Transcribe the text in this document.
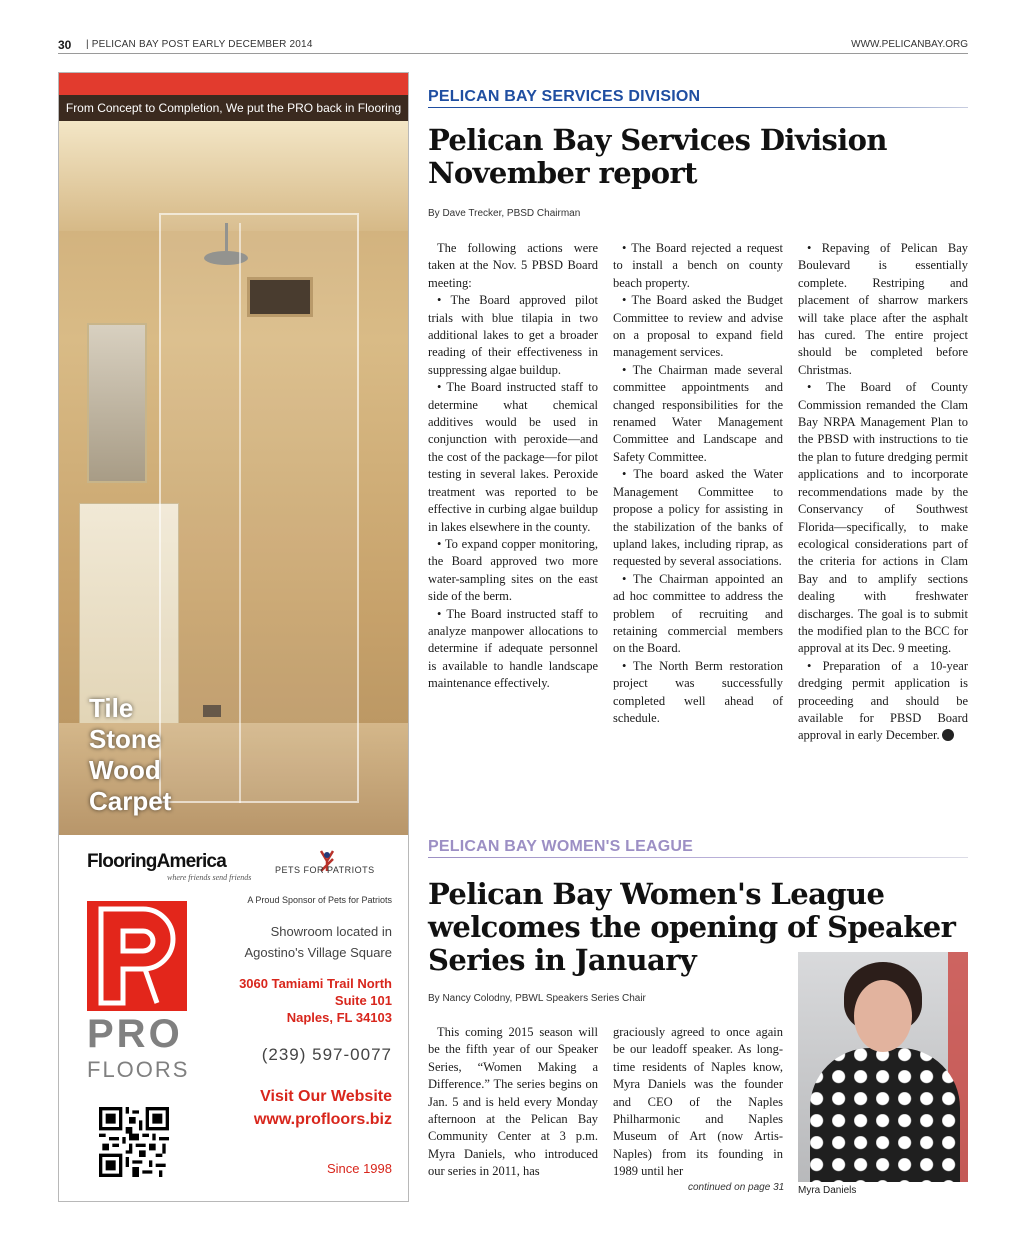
30 | PELICAN BAY POST EARLY DECEMBER 2014	WWW.PELICANBAY.ORG
From Concept to Completion, We put the PRO back in Flooring
Tile
Stone
Wood
Carpet
FlooringAmerica
where friends send friends
PETS FOR PATRIOTS
A Proud Sponsor of Pets for Patriots
PRO
FLOORS
Showroom located in
Agostino's Village Square
3060 Tamiami Trail North
Suite 101
Naples, FL 34103
(239) 597-0077
Visit Our Website
www.profloors.biz
Since 1998
PELICAN BAY SERVICES DIVISION
Pelican Bay Services Division
November report
By Dave Trecker, PBSD Chairman

The following actions were taken at the Nov. 5 PBSD Board meeting:

• The Board approved pilot trials with blue tilapia in two additional lakes to get a broader reading of their effectiveness in suppressing algae buildup.

• The Board instructed staff to determine what chemical additives would be used in conjunction with peroxide—and the cost of the package—for pilot testing in several lakes. Peroxide treatment was reported to be effective in curbing algae buildup in lakes elsewhere in the county.

• To expand copper monitoring, the Board approved two more water-sampling sites on the east side of the berm.

• The Board instructed staff to analyze manpower allocations to determine if adequate personnel is available to handle landscape maintenance effectively.

• The Board rejected a request to install a bench on county beach property.

• The Board asked the Budget Committee to review and advise on a proposal to expand field management services.

• The Chairman made several committee appointments and changed responsibilities for the renamed Water Management Committee and Landscape and Safety Committee.

• The board asked the Water Management Committee to propose a policy for assisting in the stabilization of the banks of upland lakes, including riprap, as requested by several associations.

• The Chairman appointed an ad hoc committee to address the problem of recruiting and retaining commercial members on the Board.

• The North Berm restoration project was successfully completed well ahead of schedule.

• Repaving of Pelican Bay Boulevard is essentially complete. Restriping and placement of sharrow markers will take place after the asphalt has cured. The entire project should be completed before Christmas.

• The Board of County Commission remanded the Clam Bay NRPA Management Plan to the PBSD with instructions to tie the plan to future dredging permit applications and to incorporate recommendations made by the Conservancy of Southwest Florida—specifically, to make ecological considerations part of the criteria for actions in Clam Bay and to amplify sections dealing with freshwater discharges. The goal is to submit the modified plan to the BCC for approval at its Dec. 9 meeting.

• Preparation of a 10-year dredging permit application is proceeding and should be available for PBSD Board approval in early December.

PELICAN BAY WOMEN'S LEAGUE
Pelican Bay Women's League
welcomes the opening of Speaker
Series in January
By Nancy Colodny, PBWL Speakers Series Chair

This coming 2015 season will be the fifth year of our Speaker Series, “Women Making a Difference.” The series begins on Jan. 5 and is held every Monday afternoon at the Pelican Bay Community Center at 3 p.m. Myra Daniels, who introduced our series in 2011, has

graciously agreed to once again be our leadoff speaker. As long-time residents of Naples know, Myra Daniels was the founder and CEO of the Naples Philharmonic and Naples Museum of Art (now Artis-Naples) from its founding in 1989 until her

continued on page 31 Myra Daniels
